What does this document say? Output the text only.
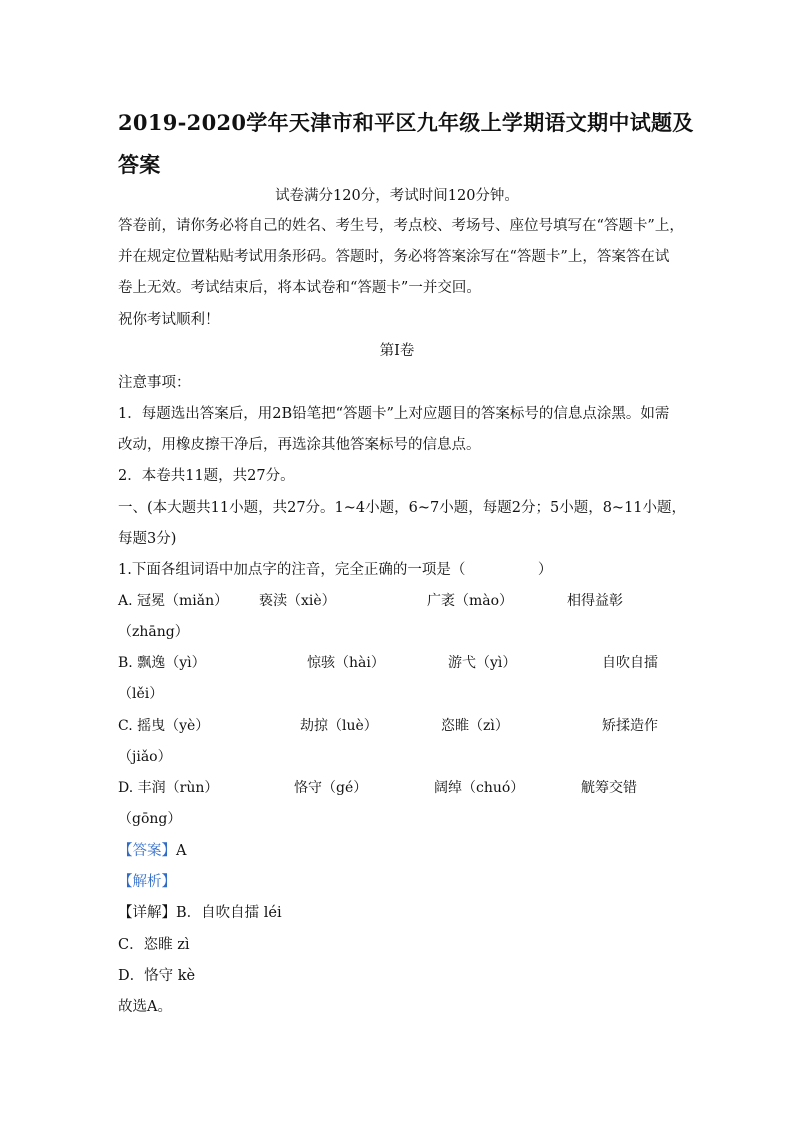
2019-2020学年天津市和平区九年级上学期语文期中试题及
答案
试卷满分120分，考试时间120分钟。
答卷前，请你务必将自己的姓名、考生号，考点校、考场号、座位号填写在“答题卡”上，
并在规定位置粘贴考试用条形码。答题时，务必将答案涂写在“答题卡”上，答案答在试
卷上无效。考试结束后，将本试卷和“答题卡”一并交回。
祝你考试顺利！
第Ⅰ卷
注意事项：
1．每题选出答案后，用2B铅笔把“答题卡”上对应题目的答案标号的信息点涂黑。如需
改动，用橡皮擦干净后，再选涂其他答案标号的信息点。
2．本卷共11题，共27分。
一、(本大题共11小题，共27分。1~4小题，6~7小题，每题2分；5小题，8~11小题，
每题3分)
1.下面各组词语中加点字的注音，完全正确的一项是（　　　　　）
A. 冠冕（miǎn） 亵渎（xiè）	广袤（mào）	相得益彰
（zhāng）
B. 飘逸（yì）	惊骇（hài）	游弋（yì）	自吹自擂
（lěi）
C. 摇曳（yè）	劫掠（luè）	恣睢（zì）	矫揉造作
（jiǎo）
D. 丰润（rùn）	恪守（gé）	阔绰（chuó）	觥筹交错
（gōng）
【答案】A
【解析】
【详解】B．自吹自擂 léi
C．恣睢 zì
D．恪守 kè
故选A。
